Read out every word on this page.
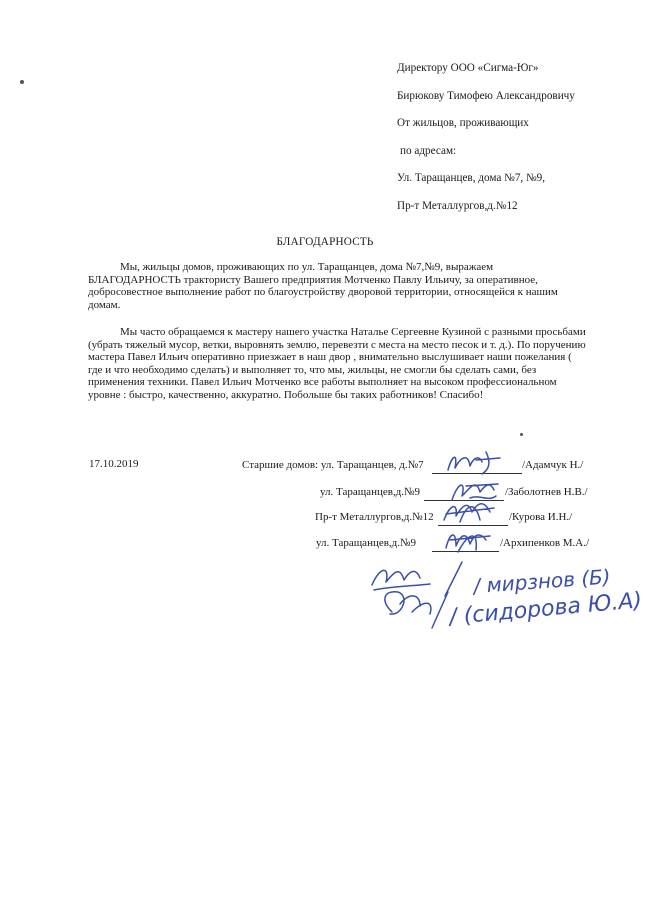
Директору ООО «Сигма-Юг»
Бирюкову Тимофею Александровичу
От жильцов, проживающих
по адресам:
Ул. Таращанцев, дома №7, №9,
Пр-т Металлургов,д.№12
БЛАГОДАРНОСТЬ
Мы, жильцы домов, проживающих по ул. Таращанцев, дома №7,№9, выражаем БЛАГОДАРНОСТЬ трактористу Вашего предприятия Мотченко Павлу Ильичу, за оперативное, добросовестное выполнение работ по благоустройству дворовой территории, относящейся к нашим домам.
Мы часто обращаемся к мастеру нашего участка Наталье Сергеевне Кузиной с разными просьбами (убрать тяжелый мусор, ветки, выровнять землю, перевезти с места на место песок и т. д.). По поручению мастера Павел Ильич оперативно приезжает в наш двор , внимательно выслушивает наши пожелания ( где и что необходимо сделать) и выполняет то, что мы, жильцы, не смогли бы сделать сами, без применения техники. Павел Ильич Мотченко все работы выполняет на высоком профессиональном уровне : быстро, качественно, аккуратно. Побольше бы таких работников! Спасибо!
17.10.2019	Старшие домов: ул. Таращанцев, д.№7	/Адамчук Н./
ул. Таращанцев,д.№9	/Заболотнев Н.В./
Пр-т Металлургов,д.№12	/Курова И.Н./
ул. Таращанцев,д.№9	/Архипенков М.А./
/ мирзнов (Б)
/ (сидорова Ю.А)
